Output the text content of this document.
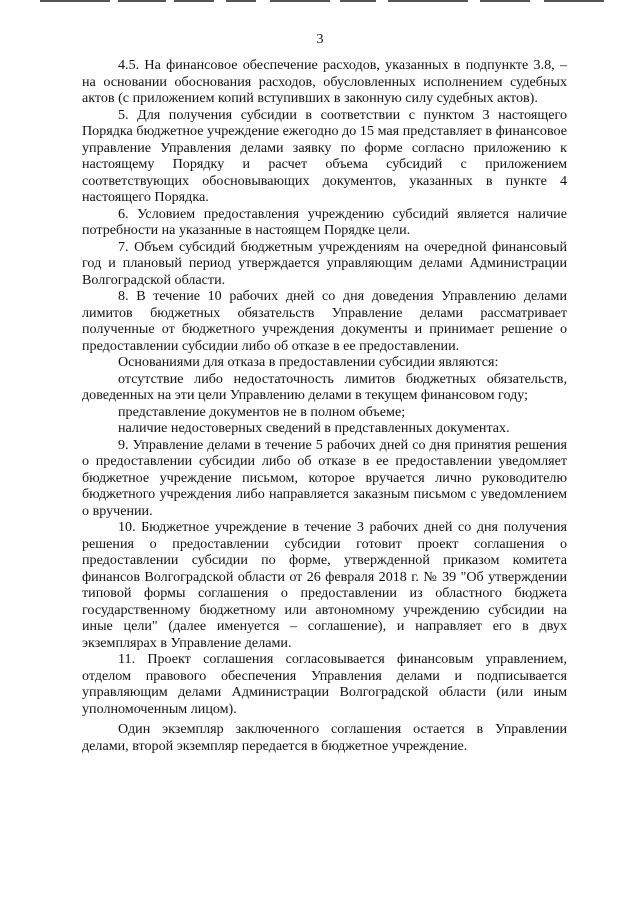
3

4.5. На финансовое обеспечение расходов, указанных в подпункте 3.8, – на основании обоснования расходов, обусловленных исполнением судебных актов (с приложением копий вступивших в законную силу судебных актов).

5. Для получения субсидии в соответствии с пунктом 3 настоящего Порядка бюджетное учреждение ежегодно до 15 мая представляет в финансовое управление Управления делами заявку по форме согласно приложению к настоящему Порядку и расчет объема субсидий с приложением соответствующих обосновывающих документов, указанных в пункте 4 настоящего Порядка.

6. Условием предоставления учреждению субсидий является наличие потребности на указанные в настоящем Порядке цели.

7. Объем субсидий бюджетным учреждениям на очередной финансовый год и плановый период утверждается управляющим делами Администрации Волгоградской области.

8. В течение 10 рабочих дней со дня доведения Управлению делами лимитов бюджетных обязательств Управление делами рассматривает полученные от бюджетного учреждения документы и принимает решение о предоставлении субсидии либо об отказе в ее предоставлении.

Основаниями для отказа в предоставлении субсидии являются:

отсутствие либо недостаточность лимитов бюджетных обязательств, доведенных на эти цели Управлению делами в текущем финансовом году;

представление документов не в полном объеме;

наличие недостоверных сведений в представленных документах.

9. Управление делами в течение 5 рабочих дней со дня принятия решения о предоставлении субсидии либо об отказе в ее предоставлении уведомляет бюджетное учреждение письмом, которое вручается лично руководителю бюджетного учреждения либо направляется заказным письмом с уведомлением о вручении.

10. Бюджетное учреждение в течение 3 рабочих дней со дня получения решения о предоставлении субсидии готовит проект соглашения о предоставлении субсидии по форме, утвержденной приказом комитета финансов Волгоградской области от 26 февраля 2018 г. № 39 "Об утверждении типовой формы соглашения о предоставлении из областного бюджета государственному бюджетному или автономному учреждению субсидии на иные цели" (далее именуется – соглашение), и направляет его в двух экземплярах в Управление делами.

11. Проект соглашения согласовывается финансовым управлением, отделом правового обеспечения Управления делами и подписывается управляющим делами Администрации Волгоградской области (или иным уполномоченным лицом).

Один экземпляр заключенного соглашения остается в Управлении делами, второй экземпляр передается в бюджетное учреждение.
